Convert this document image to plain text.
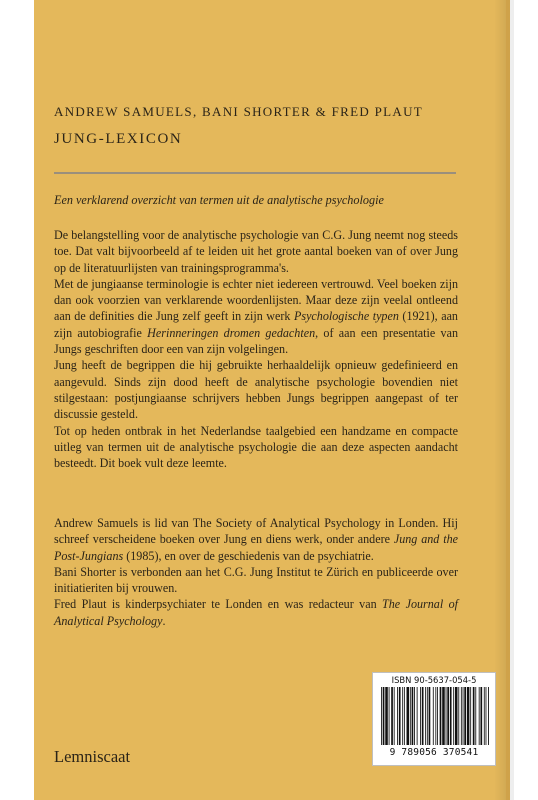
ANDREW SAMUELS, BANI SHORTER & FRED PLAUT
JUNG-LEXICON
Een verklarend overzicht van termen uit de analytische psychologie

De belangstelling voor de analytische psychologie van C.G. Jung neemt nog steeds toe. Dat valt bijvoorbeeld af te leiden uit het grote aantal boeken van of over Jung op de literatuurlijsten van trainingsprogramma's.

Met de jungiaanse terminologie is echter niet iedereen vertrouwd. Veel boeken zijn dan ook voorzien van verklarende woordenlijsten. Maar deze zijn veelal ontleend aan de definities die Jung zelf geeft in zijn werk Psychologische typen (1921), aan zijn autobiografie Herinneringen dromen gedachten, of aan een presentatie van Jungs geschriften door een van zijn volgelingen.

Jung heeft de begrippen die hij gebruikte herhaaldelijk opnieuw gedefinieerd en aangevuld. Sinds zijn dood heeft de analytische psychologie bovendien niet stilgestaan: postjungiaanse schrijvers hebben Jungs begrippen aangepast of ter discussie gesteld.

Tot op heden ontbrak in het Nederlandse taalgebied een handzame en compacte uitleg van termen uit de analytische psychologie die aan deze aspecten aandacht besteedt. Dit boek vult deze leemte.

Andrew Samuels is lid van The Society of Analytical Psychology in Londen. Hij schreef verscheidene boeken over Jung en diens werk, onder andere Jung and the Post-Jungians (1985), en over de geschiedenis van de psychiatrie.

Bani Shorter is verbonden aan het C.G. Jung Institut te Zürich en publiceerde over initiatieriten bij vrouwen.

Fred Plaut is kinderpsychiater te Londen en was redacteur van The Journal of Analytical Psychology.

ISBN 90-5637-054-5
9 789056 370541
Lemniscaat
